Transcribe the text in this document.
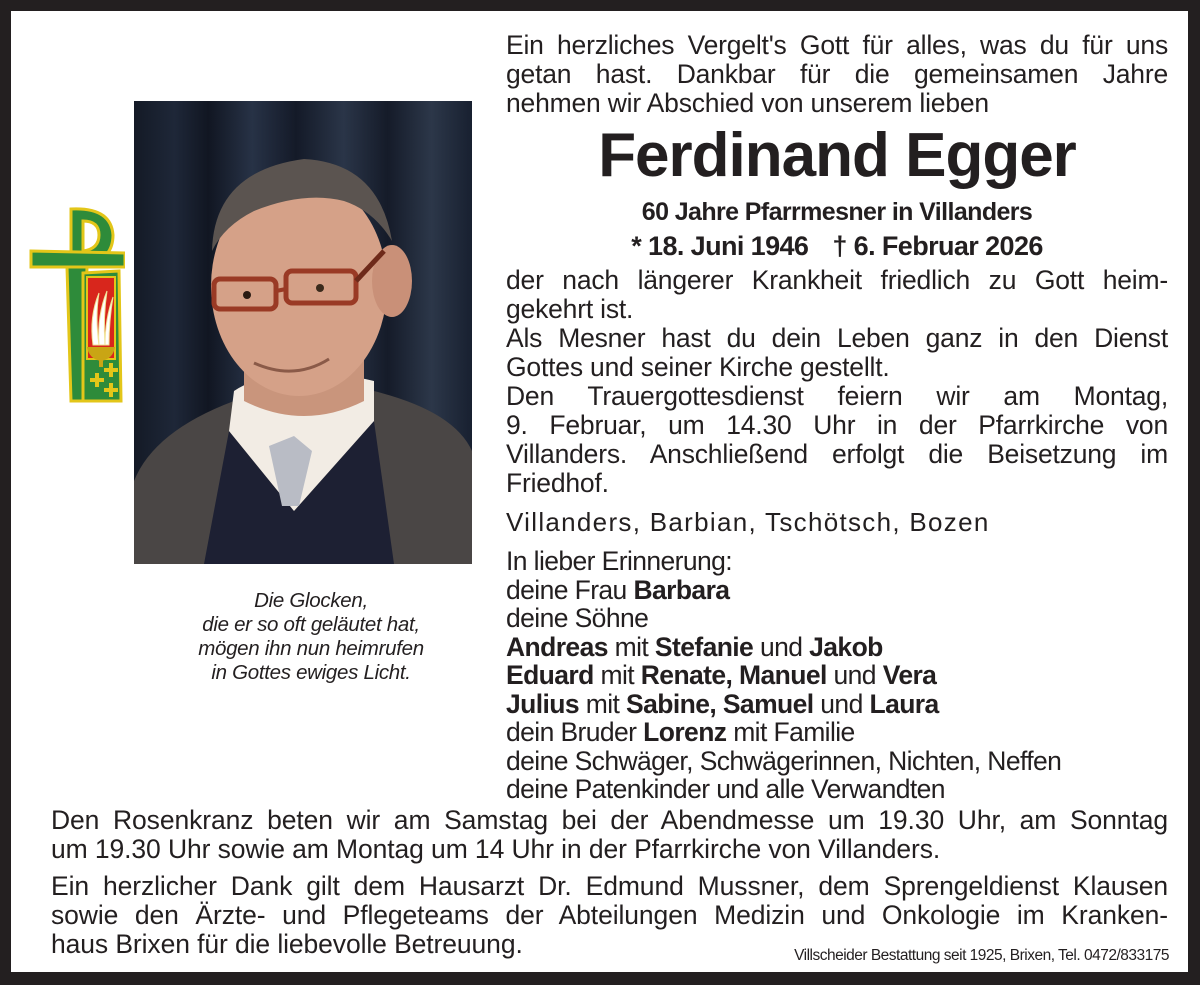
Ein herzliches Vergelt's Gott für alles, was du für uns
getan hast. Dankbar für die gemeinsamen Jahre
nehmen wir Abschied von unserem lieben
Ferdinand Egger
60 Jahre Pfarrmesner in Villanders
* 18. Juni 1946 † 6. Februar 2026
der nach längerer Krankheit friedlich zu Gott heim-
gekehrt ist.
Als Mesner hast du dein Leben ganz in den Dienst
Gottes und seiner Kirche gestellt.
Den Trauergottesdienst feiern wir am Montag,
9. Februar, um 14.30 Uhr in der Pfarrkirche von
Villanders. Anschließend erfolgt die Beisetzung im
Friedhof.
Villanders, Barbian, Tschötsch, Bozen
In lieber Erinnerung:
deine Frau Barbara
deine Söhne
Andreas mit Stefanie und Jakob
Eduard mit Renate, Manuel und Vera
Julius mit Sabine, Samuel und Laura
dein Bruder Lorenz mit Familie
deine Schwäger, Schwägerinnen, Nichten, Neffen
deine Patenkinder und alle Verwandten
Die Glocken,
die er so oft geläutet hat,
mögen ihn nun heimrufen
in Gottes ewiges Licht.
Den Rosenkranz beten wir am Samstag bei der Abendmesse um 19.30 Uhr, am Sonntag
um 19.30 Uhr sowie am Montag um 14 Uhr in der Pfarrkirche von Villanders.
Ein herzlicher Dank gilt dem Hausarzt Dr. Edmund Mussner, dem Sprengeldienst Klausen
sowie den Ärzte- und Pflegeteams der Abteilungen Medizin und Onkologie im Kranken-
haus Brixen für die liebevolle Betreuung.	Villscheider Bestattung seit 1925, Brixen, Tel. 0472/833175
